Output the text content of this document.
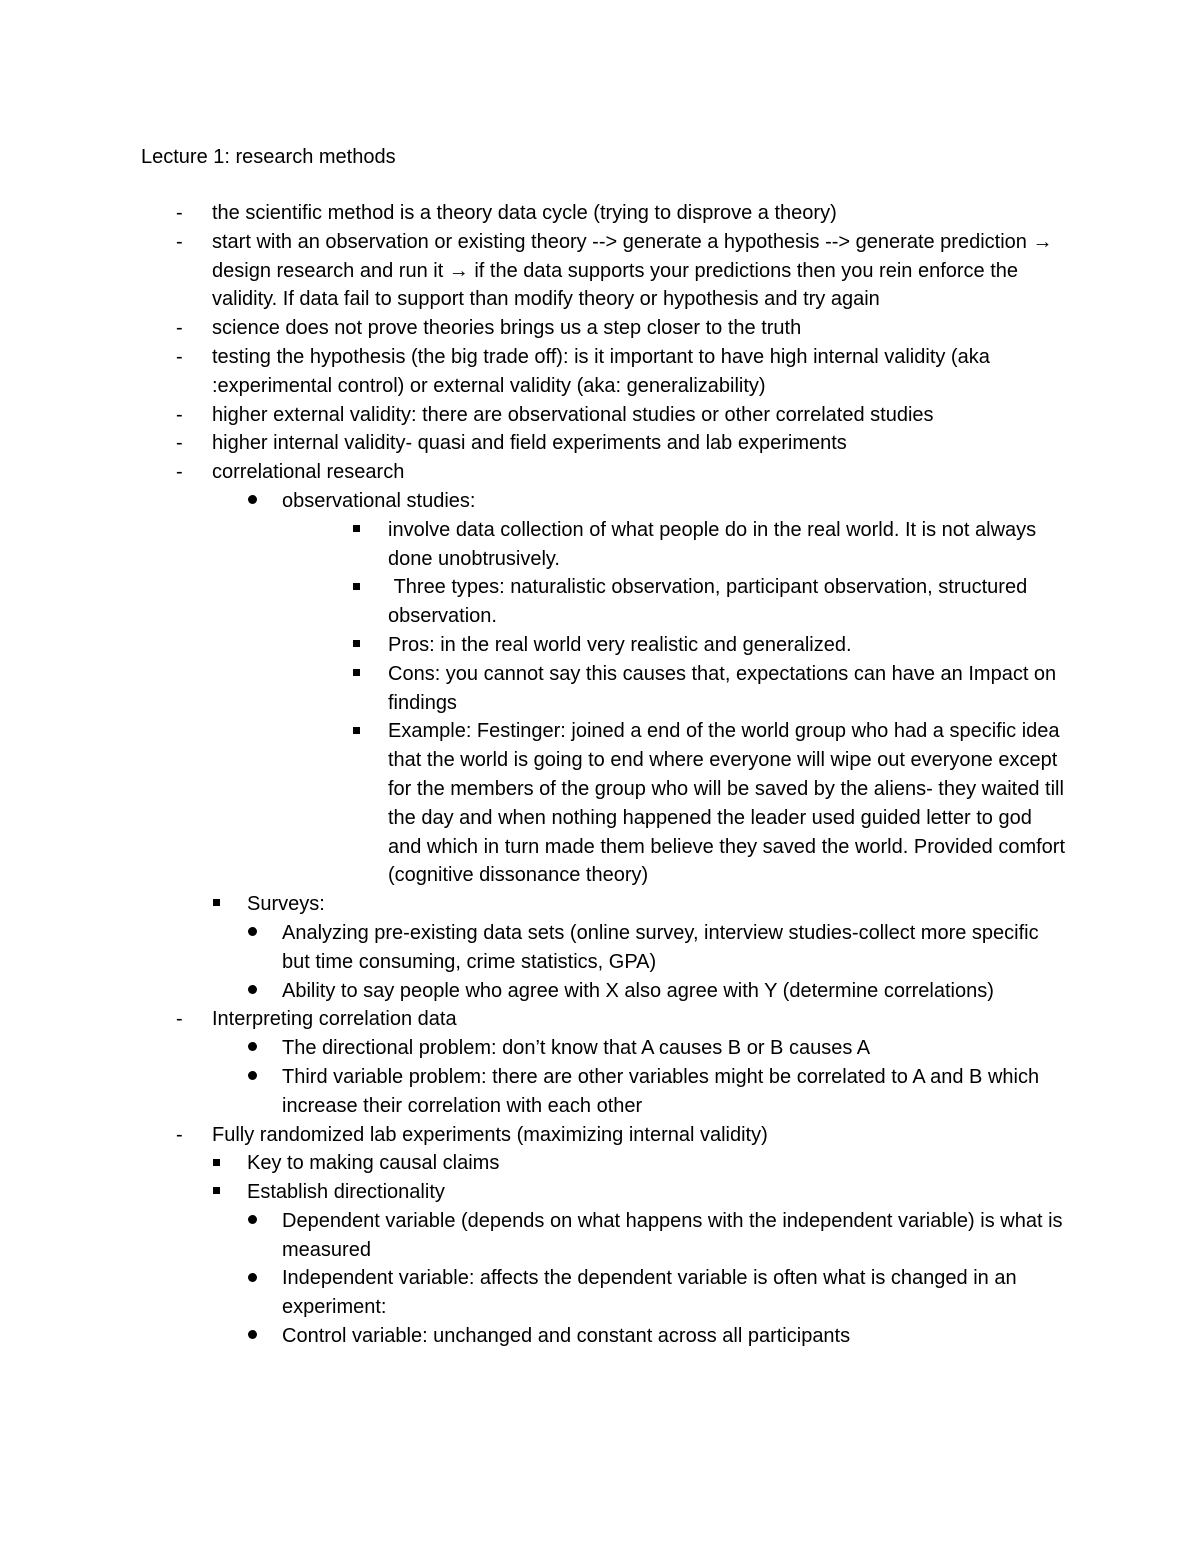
Lecture 1: research methods
- the scientific method is a theory data cycle (trying to disprove a theory)
- start with an observation or existing theory --> generate a hypothesis --> generate prediction → design research and run it → if the data supports your predictions then you rein enforce the validity. If data fail to support than modify theory or hypothesis and try again
- science does not prove theories brings us a step closer to the truth
- testing the hypothesis (the big trade off): is it important to have high internal validity (aka :experimental control) or external validity (aka: generalizability)
- higher external validity: there are observational studies or other correlated studies
- higher internal validity- quasi and field experiments and lab experiments
- correlational research
observational studies:
involve data collection of what people do in the real world. It is not always done unobtrusively.
Three types: naturalistic observation, participant observation, structured observation.
Pros: in the real world very realistic and generalized.
Cons: you cannot say this causes that, expectations can have an Impact on findings
Example: Festinger: joined a end of the world group who had a specific idea that the world is going to end where everyone will wipe out everyone except for the members of the group who will be saved by the aliens- they waited till the day and when nothing happened the leader used guided letter to god and which in turn made them believe they saved the world. Provided comfort (cognitive dissonance theory)
Surveys:
Analyzing pre-existing data sets (online survey, interview studies-collect more specific but time consuming, crime statistics, GPA)
Ability to say people who agree with X also agree with Y (determine correlations)
- Interpreting correlation data
The directional problem: don’t know that A causes B or B causes A
Third variable problem: there are other variables might be correlated to A and B which increase their correlation with each other
- Fully randomized lab experiments (maximizing internal validity)
Key to making causal claims
Establish directionality
Dependent variable (depends on what happens with the independent variable) is what is measured
Independent variable: affects the dependent variable is often what is changed in an experiment:
Control variable: unchanged and constant across all participants
